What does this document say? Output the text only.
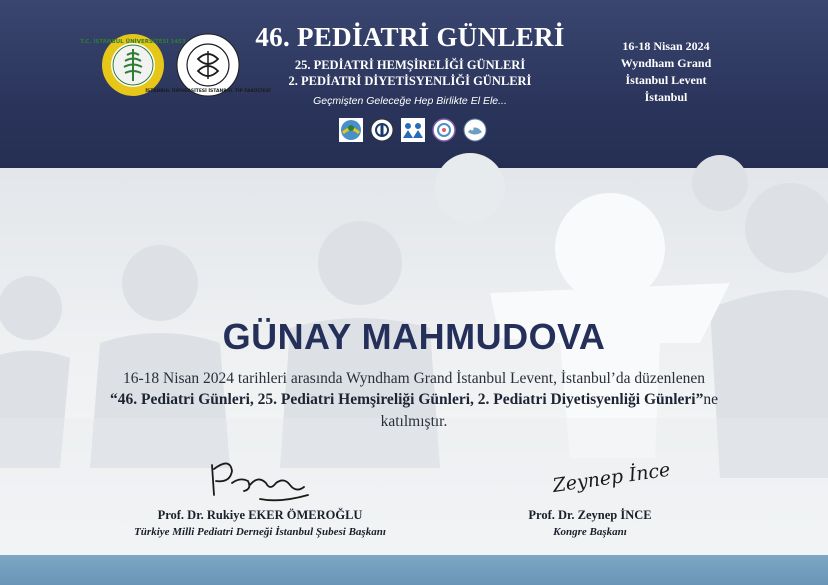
T.C. İSTANBUL ÜNİVERSİTESİ 1453
İSTANBUL ÜNİVERSİTESİ İSTANBUL TIP FAKÜLTESİ
46. PEDİATRİ GÜNLERİ
25. PEDİATRİ HEMŞİRELİĞİ GÜNLERİ
2. PEDİATRİ DİYETİSYENLİĞİ GÜNLERİ
Geçmişten Geleceğe Hep Birlikte El Ele...
16-18 Nisan 2024
Wyndham Grand
İstanbul Levent
İstanbul
GÜNAY MAHMUDOVA
16-18 Nisan 2024 tarihleri arasında Wyndham Grand İstanbul Levent, İstanbul’da düzenlenen
“46. Pediatri Günleri, 25. Pediatri Hemşireliği Günleri, 2. Pediatri Diyetisyenliği Günleri”ne
katılmıştır.
Zeynep İnce
Prof. Dr. Rukiye EKER ÖMEROĞLU
Türkiye Milli Pediatri Derneği İstanbul Şubesi Başkanı
Prof. Dr. Zeynep İNCE
Kongre Başkanı
